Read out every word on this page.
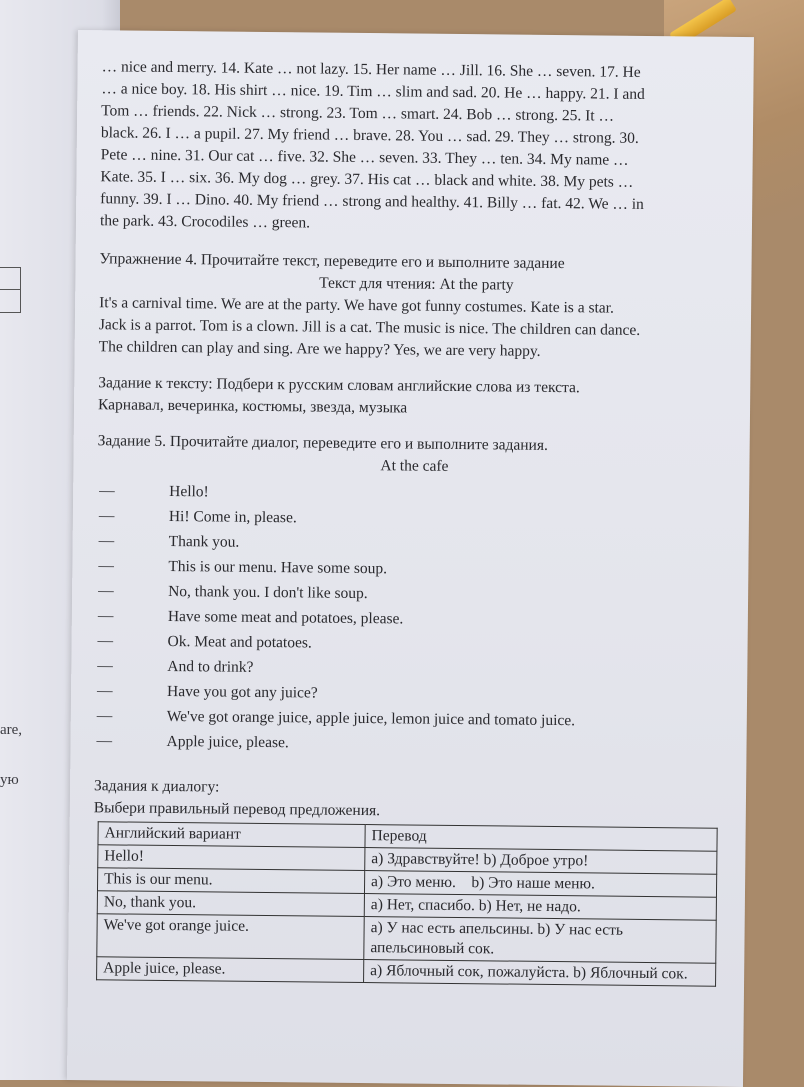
are,
ую

… nice and merry. 14. Kate … not lazy. 15. Her name … Jill. 16. She … seven. 17. He

… a nice boy. 18. His shirt … nice. 19. Tim … slim and sad. 20. He … happy. 21. I and

Tom … friends. 22. Nick … strong. 23. Tom … smart. 24. Bob … strong. 25. It …

black. 26. I … a pupil. 27. My friend … brave. 28. You … sad. 29. They … strong. 30.

Pete … nine. 31. Our cat … five. 32. She … seven. 33. They … ten. 34. My name …

Kate. 35. I … six. 36. My dog … grey. 37. His cat … black and white. 38. My pets …

funny. 39. I … Dino. 40. My friend … strong and healthy. 41. Billy … fat. 42. We … in

the park. 43. Crocodiles … green.

Упражнение 4. Прочитайте текст, переведите его и выполните задание

Текст для чтения: At the party

It's a carnival time. We are at the party. We have got funny costumes. Kate is a star.

Jack is a parrot. Tom is a clown. Jill is a cat. The music is nice. The children can dance.

The children can play and sing. Are we happy? Yes, we are very happy.

Задание к тексту: Подбери к русским словам английские слова из текста.

Карнавал, вечеринка, костюмы, звезда, музыка

Задание 5. Прочитайте диалог, переведите его и выполните задания.

At the cafe

—	Hello!
—	Hi! Come in, please.
—	Thank you.
—	This is our menu. Have some soup.
—	No, thank you. I don't like soup.
—	Have some meat and potatoes, please.
—	Ok. Meat and potatoes.
—	And to drink?
—	Have you got any juice?
—	We've got orange juice, apple juice, lemon juice and tomato juice.
—	Apple juice, please.

Задания к диалогу:

Выбери правильный перевод предложения.

Английский вариант	Перевод
Hello!	a) Здравствуйте! b) Доброе утро!
This is our menu.	a) Это меню.    b) Это наше меню.
No, thank you.	a) Нет, спасибо. b) Нет, не надо.
We've got orange juice.	a) У нас есть апельсины. b) У нас есть апельсиновый сок.
Apple juice, please.	a) Яблочный сок, пожалуйста. b) Яблочный сок.
